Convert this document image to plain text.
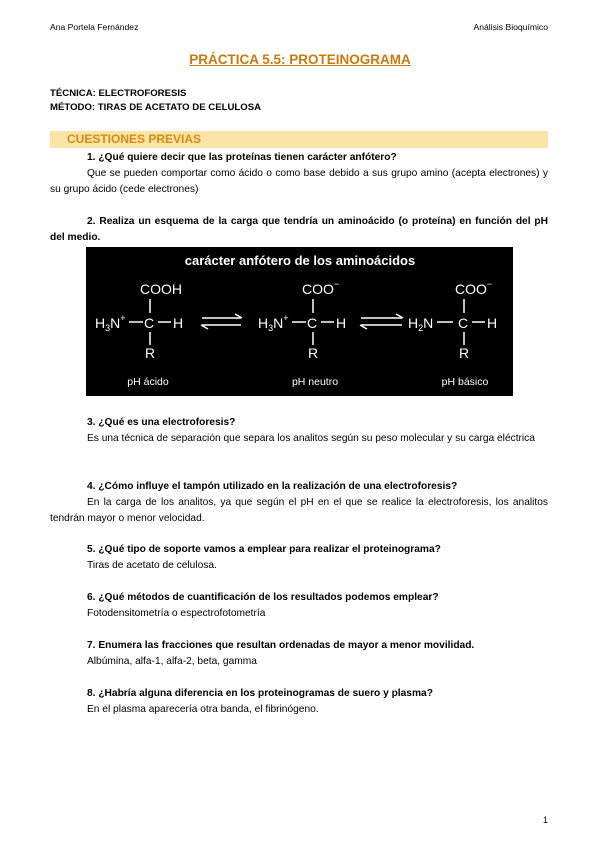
Ana Portela Fernández	Análisis Bioquímico
PRÁCTICA 5.5: PROTEINOGRAMA
TÉCNICA: ELECTROFORESIS
MÉTODO: TIRAS DE ACETATO DE CELULOSA
CUESTIONES PREVIAS
1. ¿Qué quiere decir que las proteínas tienen carácter anfótero?
Que se pueden comportar como ácido o como base debido a sus grupo amino (acepta electrones) y su grupo ácido (cede electrones)
2. Realiza un esquema de la carga que tendría un aminoácido (o proteína) en función del pH del medio.
carácter anfótero de los aminoácidos
COOH
$H_3N^+$ C H
R
pH ácido
COO−
$H_3N^+$ C H
R
pH neutro
COO−
$H_2N$ C H
R
pH básico
3. ¿Qué es una electroforesis?
Es una técnica de separación que separa los analitos según su peso molecular y su carga eléctrica
4. ¿Cómo influye el tampón utilizado en la realización de una electroforesis?
En la carga de los analitos, ya que según el pH en el que se realice la electroforesis, los analitos tendrán mayor o menor velocidad.
5. ¿Qué tipo de soporte vamos a emplear para realizar el proteinograma?
Tiras de acetato de celulosa.
6. ¿Qué métodos de cuantificación de los resultados podemos emplear?
Fotodensitometría o espectrofotometría
7. Enumera las fracciones que resultan ordenadas de mayor a menor movilidad.
Albúmina, alfa-1, alfa-2, beta, gamma
8. ¿Habría alguna diferencia en los proteinogramas de suero y plasma?
En el plasma aparecería otra banda, el fibrinógeno.
1
